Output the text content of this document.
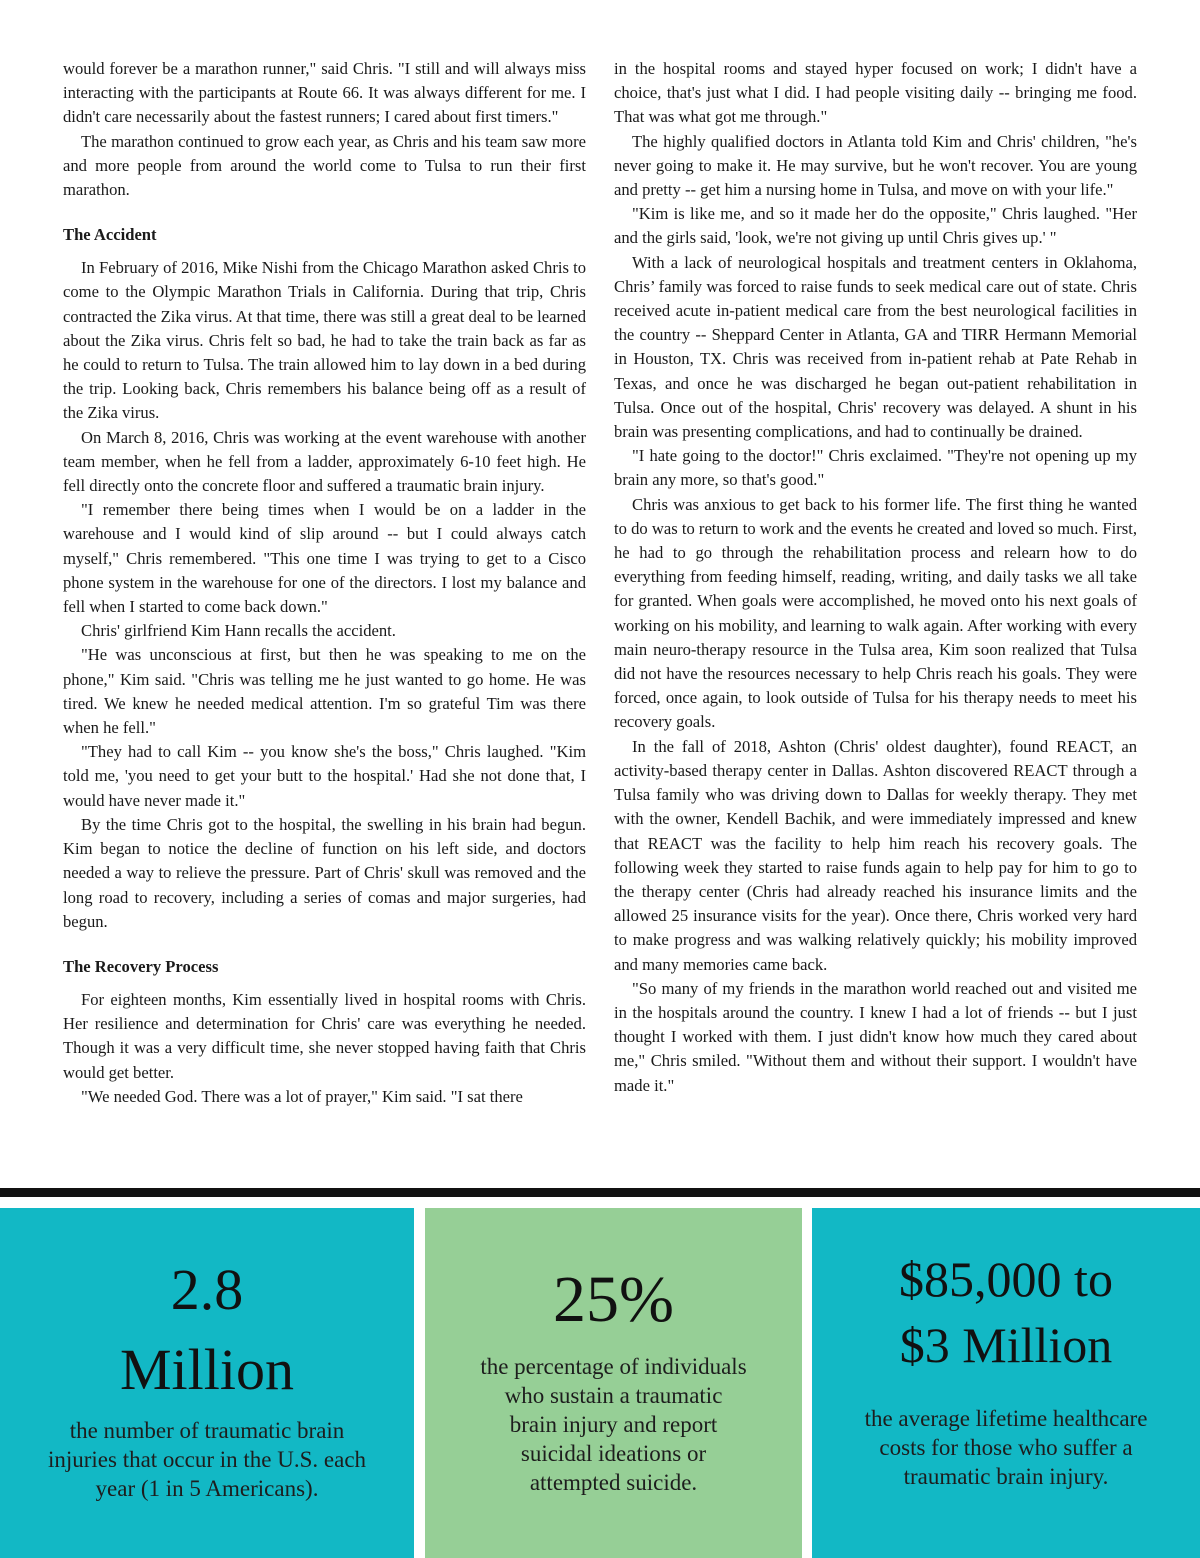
would forever be a marathon runner," said Chris. "I still and will always miss interacting with the participants at Route 66. It was always different for me. I didn't care necessarily about the fastest runners; I cared about first timers."

The marathon continued to grow each year, as Chris and his team saw more and more people from around the world come to Tulsa to run their first marathon.

The Accident

In February of 2016, Mike Nishi from the Chicago Marathon asked Chris to come to the Olympic Marathon Trials in California. During that trip, Chris contracted the Zika virus. At that time, there was still a great deal to be learned about the Zika virus. Chris felt so bad, he had to take the train back as far as he could to return to Tulsa. The train allowed him to lay down in a bed during the trip. Looking back, Chris remembers his balance being off as a result of the Zika virus.

On March 8, 2016, Chris was working at the event warehouse with another team member, when he fell from a ladder, approximately 6-10 feet high. He fell directly onto the concrete floor and suffered a traumatic brain injury.

"I remember there being times when I would be on a ladder in the warehouse and I would kind of slip around -- but I could always catch myself," Chris remembered. "This one time I was trying to get to a Cisco phone system in the warehouse for one of the directors. I lost my balance and fell when I started to come back down."

Chris' girlfriend Kim Hann recalls the accident.

"He was unconscious at first, but then he was speaking to me on the phone," Kim said. "Chris was telling me he just wanted to go home. He was tired. We knew he needed medical attention. I'm so grateful Tim was there when he fell."

"They had to call Kim -- you know she's the boss," Chris laughed. "Kim told me, 'you need to get your butt to the hospital.' Had she not done that, I would have never made it."

By the time Chris got to the hospital, the swelling in his brain had begun. Kim began to notice the decline of function on his left side, and doctors needed a way to relieve the pressure. Part of Chris' skull was removed and the long road to recovery, including a series of comas and major surgeries, had begun.

The Recovery Process

For eighteen months, Kim essentially lived in hospital rooms with Chris. Her resilience and determination for Chris' care was everything he needed. Though it was a very difficult time, she never stopped having faith that Chris would get better.

"We needed God. There was a lot of prayer," Kim said. "I sat there

in the hospital rooms and stayed hyper focused on work; I didn't have a choice, that's just what I did. I had people visiting daily -- bringing me food. That was what got me through."

The highly qualified doctors in Atlanta told Kim and Chris' children, "he's never going to make it. He may survive, but he won't recover. You are young and pretty -- get him a nursing home in Tulsa, and move on with your life."

"Kim is like me, and so it made her do the opposite," Chris laughed. "Her and the girls said, 'look, we're not giving up until Chris gives up.' "

With a lack of neurological hospitals and treatment centers in Oklahoma, Chris’ family was forced to raise funds to seek medical care out of state. Chris received acute in-patient medical care from the best neurological facilities in the country -- Sheppard Center in Atlanta, GA and TIRR Hermann Memorial in Houston, TX. Chris was received from in-patient rehab at Pate Rehab in Texas, and once he was discharged he began out-patient rehabilitation in Tulsa. Once out of the hospital, Chris' recovery was delayed. A shunt in his brain was presenting complications, and had to continually be drained.

"I hate going to the doctor!" Chris exclaimed. "They're not opening up my brain any more, so that's good."

Chris was anxious to get back to his former life. The first thing he wanted to do was to return to work and the events he created and loved so much. First, he had to go through the rehabilitation process and relearn how to do everything from feeding himself, reading, writing, and daily tasks we all take for granted. When goals were accomplished, he moved onto his next goals of working on his mobility, and learning to walk again. After working with every main neuro-therapy resource in the Tulsa area, Kim soon realized that Tulsa did not have the resources necessary to help Chris reach his goals. They were forced, once again, to look outside of Tulsa for his therapy needs to meet his recovery goals.

In the fall of 2018, Ashton (Chris' oldest daughter), found REACT, an activity-based therapy center in Dallas. Ashton discovered REACT through a Tulsa family who was driving down to Dallas for weekly therapy. They met with the owner, Kendell Bachik, and were immediately impressed and knew that REACT was the facility to help him reach his recovery goals. The following week they started to raise funds again to help pay for him to go to the therapy center (Chris had already reached his insurance limits and the allowed 25 insurance visits for the year). Once there, Chris worked very hard to make progress and was walking relatively quickly; his mobility improved and many memories came back.

"So many of my friends in the marathon world reached out and visited me in the hospitals around the country. I knew I had a lot of friends -- but I just thought I worked with them. I just didn't know how much they cared about me," Chris smiled. "Without them and without their support. I wouldn't have made it."

2.8
Million
the number of traumatic brain
injuries that occur in the U.S. each
year (1 in 5 Americans).
25%
the percentage of individuals
who sustain a traumatic
brain injury and report
suicidal ideations or
attempted suicide.
$85,000 to
$3 Million
the average lifetime healthcare
costs for those who suffer a
traumatic brain injury.
